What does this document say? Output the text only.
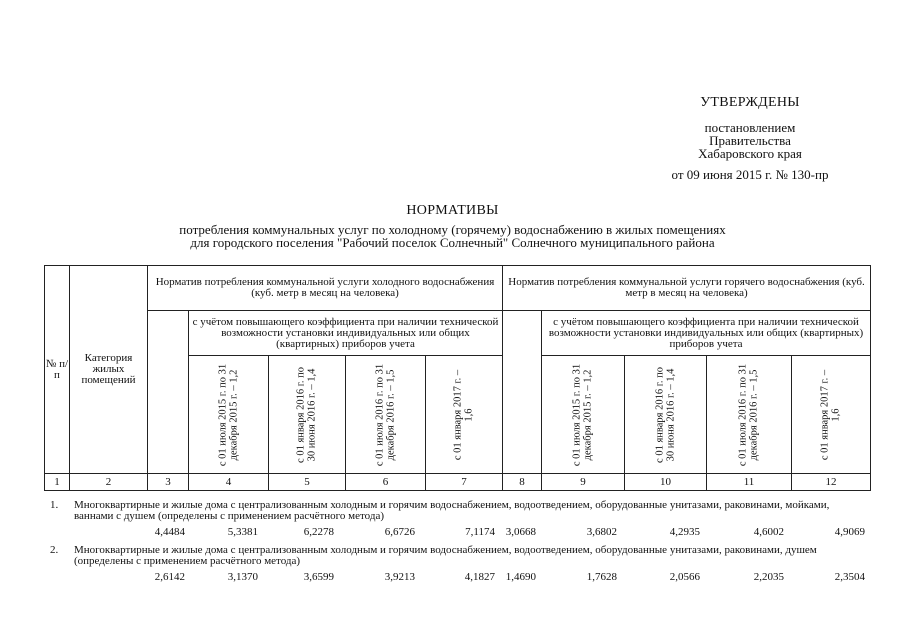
УТВЕРЖДЕНЫ
постановлением
Правительства
Хабаровского края
от 09 июня 2015 г. № 130-пр
НОРМАТИВЫ
потребления коммунальных услуг по холодному (горячему) водоснабжению в жилых помещениях
для городского поселения "Рабочий поселок Солнечный" Солнечного муниципального района
№ п/п	Категория жилых помещений	Норматив потребления коммунальной услуги холодного водоснабжения (куб. метр в месяц на человека)					Норматив потребления коммунальной услуги горячего водоснабжения (куб. метр в месяц на человека)				
			с учётом повышающего коэффициента при наличии технической возможности установки индивидуальных или общих (квартирных) приборов учета					с учётом повышающего коэффициента при наличии технической возможности установки индивидуальных или общих (квартирных) приборов учета			

			с 01 июля 2015 г. по 31 декабря 2015 г. – 1,2	с 01 января 2016 г. по 30 июня 2016 г. – 1,4	с 01 июля 2016 г. по 31 декабря 2016 г. – 1,5	с 01 января 2017 г. – 1,6		с 01 июля 2015 г. по 31 декабря 2015 г. – 1,2	с 01 января 2016 г. по 30 июня 2016 г. – 1,4	с 01 июля 2016 г. по 31 декабря 2016 г. – 1,5	с 01 января 2017 г. – 1,6

1	2	3	4	5	6	7	8	9	10	11	12
1. Многоквартирные и жилые дома с централизованным холодным и горячим водоснабжением, водоотведением, оборудованные унитазами, раковинами, мойками, ваннами с душем (определены с применением расчётного метода)
4,4484	5,3381	6,2278	6,6726	7,1174 3,0668	3,6802	4,2935	4,6002	4,9069
2. Многоквартирные и жилые дома с централизованным холодным и горячим водоснабжением, водоотведением, оборудованные унитазами, раковинами, душем (определены с применением расчётного метода)
2,6142	3,1370	3,6599	3,9213	4,1827 1,4690	1,7628	2,0566	2,2035	2,3504
